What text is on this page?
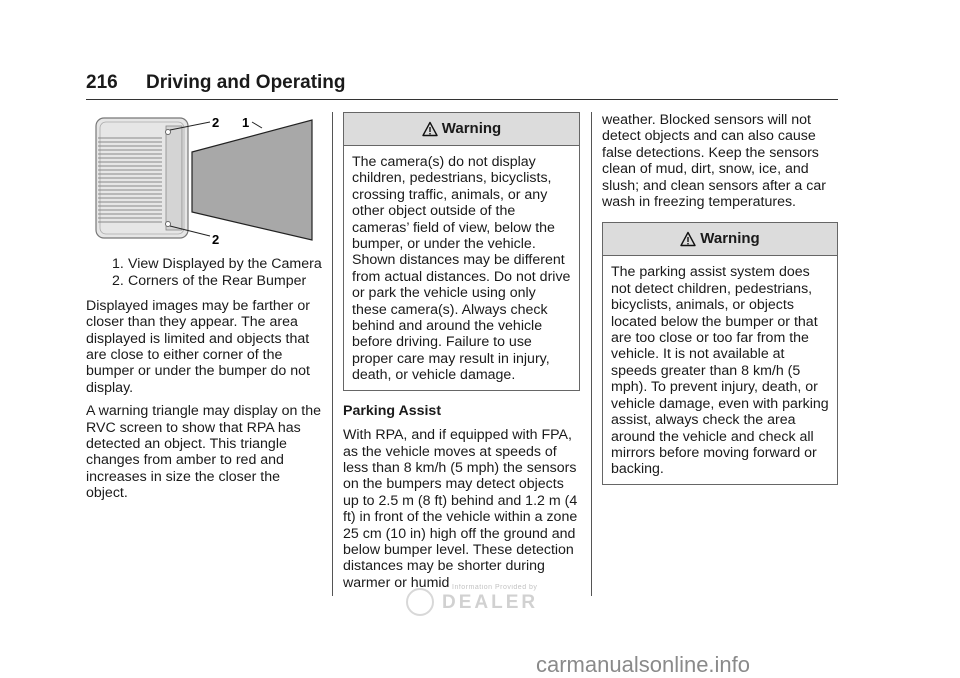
216 Driving and Operating
2 1
2
1. View Displayed by the Camera
2. Corners of the Rear Bumper

Displayed images may be farther or closer than they appear. The area displayed is limited and objects that are close to either corner of the bumper or under the bumper do not display.

A warning triangle may display on the RVC screen to show that RPA has detected an object. This triangle changes from amber to red and increases in size the closer the object.

Warning
The camera(s) do not display children, pedestrians, bicyclists, crossing traffic, animals, or any other object outside of the cameras’ field of view, below the bumper, or under the vehicle. Shown distances may be different from actual distances. Do not drive or park the vehicle using only these camera(s). Always check behind and around the vehicle before driving. Failure to use proper care may result in injury, death, or vehicle damage.
Parking Assist

With RPA, and if equipped with FPA, as the vehicle moves at speeds of less than 8 km/h (5 mph) the sensors on the bumpers may detect objects up to 2.5 m (8 ft) behind and 1.2 m (4 ft) in front of the vehicle within a zone 25 cm (10 in) high off the ground and below bumper level. These detection distances may be shorter during warmer or humid

weather. Blocked sensors will not detect objects and can also cause false detections. Keep the sensors clean of mud, dirt, snow, ice, and slush; and clean sensors after a car wash in freezing temperatures.

Warning
The parking assist system does not detect children, pedestrians, bicyclists, animals, or objects located below the bumper or that are too close or too far from the vehicle. It is not available at speeds greater than 8 km/h (5 mph). To prevent injury, death, or vehicle damage, even with parking assist, always check the area around the vehicle and check all mirrors before moving forward or backing.
Information Provided by
DEALER
carmanualsonline.info
